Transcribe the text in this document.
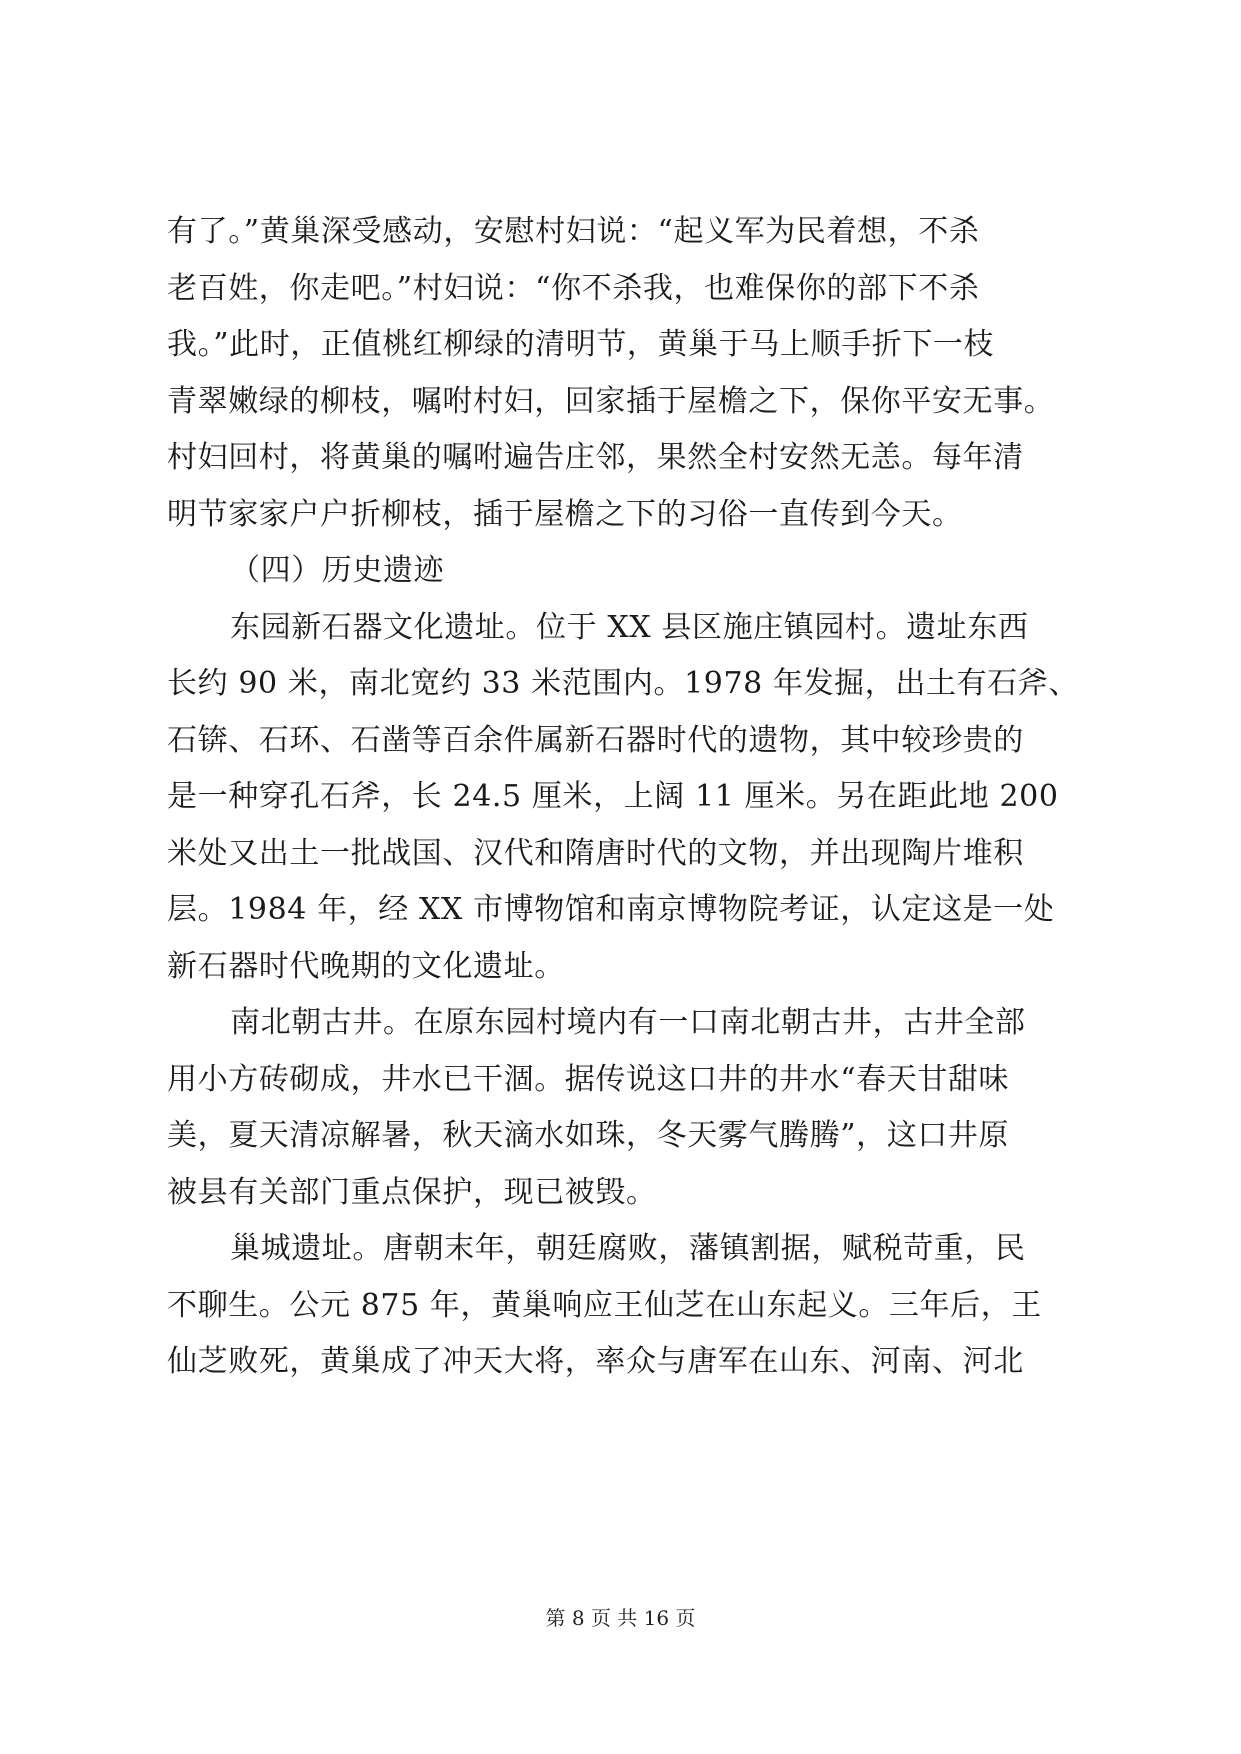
有了。”黄巢深受感动，安慰村妇说：“起义军为民着想，不杀
老百姓，你走吧。”村妇说：“你不杀我，也难保你的部下不杀
我。”此时，正值桃红柳绿的清明节，黄巢于马上顺手折下一枝
青翠嫩绿的柳枝，嘱咐村妇，回家插于屋檐之下，保你平安无事。
村妇回村，将黄巢的嘱咐遍告庄邻，果然全村安然无恙。每年清
明节家家户户折柳枝，插于屋檐之下的习俗一直传到今天。
（四）历史遗迹
东园新石器文化遗址。位于 XX 县区施庄镇园村。遗址东西
长约 90 米，南北宽约 33 米范围内。1978 年发掘，出土有石斧、
石锛、石环、石凿等百余件属新石器时代的遗物，其中较珍贵的
是一种穿孔石斧，长 24.5 厘米，上阔 11 厘米。另在距此地 200
米处又出土一批战国、汉代和隋唐时代的文物，并出现陶片堆积
层。1984 年，经 XX 市博物馆和南京博物院考证，认定这是一处
新石器时代晚期的文化遗址。
南北朝古井。在原东园村境内有一口南北朝古井，古井全部
用小方砖砌成，井水已干涸。据传说这口井的井水“春天甘甜味
美，夏天清凉解暑，秋天滴水如珠，冬天雾气腾腾”，这口井原
被县有关部门重点保护，现已被毁。
巢城遗址。唐朝末年，朝廷腐败，藩镇割据，赋税苛重，民
不聊生。公元 875 年，黄巢响应王仙芝在山东起义。三年后，王
仙芝败死，黄巢成了冲天大将，率众与唐军在山东、河南、河北
第 8 页 共 16 页
